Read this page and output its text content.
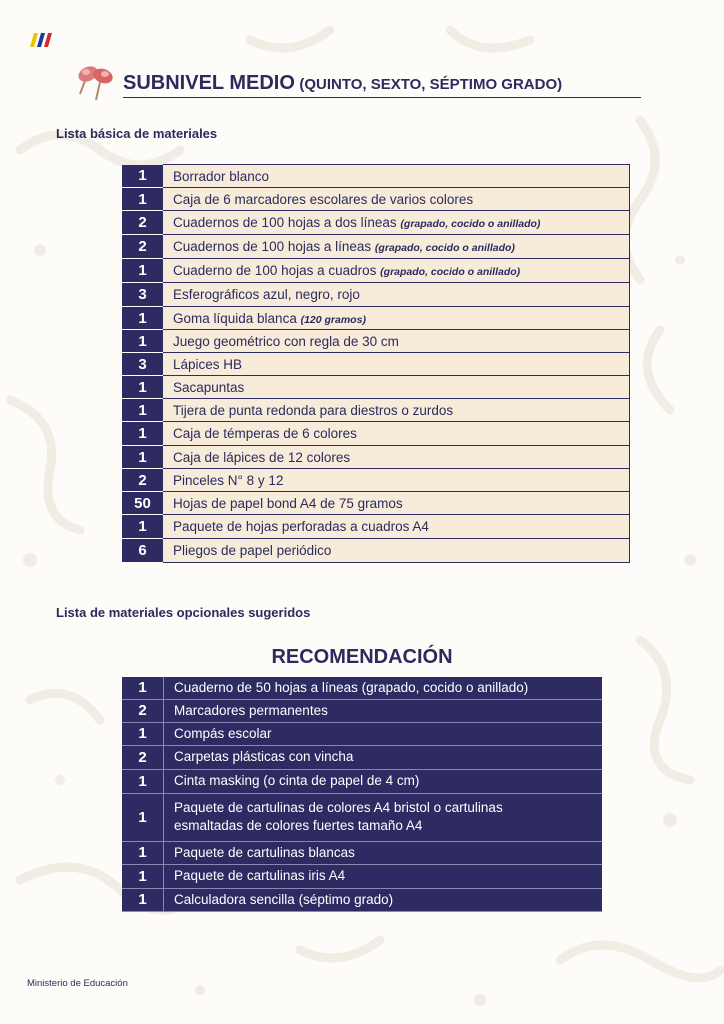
SUBNIVEL MEDIO (QUINTO, SEXTO, SÉPTIMO GRADO)
Lista básica de materiales
1	Borrador blanco
1	Caja de 6 marcadores escolares de varios colores
2	Cuadernos de 100 hojas a dos líneas (grapado, cocido o anillado)
2	Cuadernos de 100 hojas a líneas (grapado, cocido o anillado)
1	Cuaderno de 100 hojas a cuadros (grapado, cocido o anillado)
3	Esferográficos azul, negro, rojo
1	Goma líquida blanca (120 gramos)
1	Juego geométrico con regla de 30 cm
3	Lápices HB
1	Sacapuntas
1	Tijera de punta redonda para diestros o zurdos
1	Caja de témperas de 6 colores
1	Caja de lápices de 12 colores
2	Pinceles N° 8 y 12
50	Hojas de papel bond A4 de 75 gramos
1	Paquete de hojas perforadas a cuadros A4
6	Pliegos de papel periódico
Lista de materiales opcionales sugeridos
RECOMENDACIÓN
1	Cuaderno de 50 hojas a líneas (grapado, cocido o anillado)
2	Marcadores permanentes
1	Compás escolar
2	Carpetas plásticas con vincha
1	Cinta masking (o cinta de papel de 4 cm)
1	Paquete de cartulinas de colores A4 bristol o cartulinas esmaltadas de colores fuertes tamaño A4
1	Paquete de cartulinas blancas
1	Paquete de cartulinas iris A4
1	Calculadora sencilla (séptimo grado)
Ministerio de Educación
